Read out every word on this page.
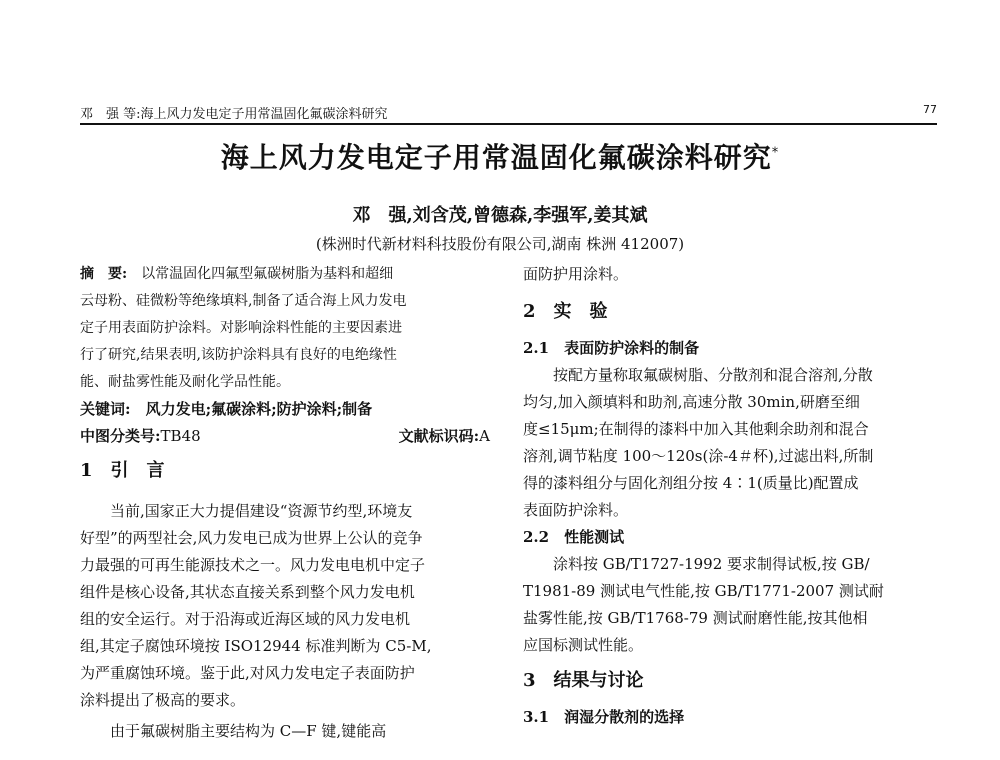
邓　强 等:海上风力发电定子用常温固化氟碳涂料研究	77
海上风力发电定子用常温固化氟碳涂料研究*
邓　强,刘含茂,曾德森,李强军,姜其斌
(株洲时代新材料科技股份有限公司,湖南 株洲 412007)
摘　要:　 以常温固化四氟型氟碳树脂为基料和超细
云母粉、硅微粉等绝缘填料,制备了适合海上风力发电
定子用表面防护涂料。对影响涂料性能的主要因素进
行了研究,结果表明,该防护涂料具有良好的电绝缘性
能、耐盐雾性能及耐化学品性能。
关键词:　 风力发电;氟碳涂料;防护涂料;制备
中图分类号:TB48	文献标识码:A
1　引　言
当前,国家正大力提倡建设“资源节约型,环境友
好型”的两型社会,风力发电已成为世界上公认的竞争
力最强的可再生能源技术之一。风力发电电机中定子
组件是核心设备,其状态直接关系到整个风力发电机
组的安全运行。对于沿海或近海区域的风力发电机
组,其定子腐蚀环境按 ISO12944 标准判断为 C5-M,
为严重腐蚀环境。鉴于此,对风力发电定子表面防护
涂料提出了极高的要求。
由于氟碳树脂主要结构为 C—F 键,键能高
面防护用涂料。
2　实　验
2.1　表面防护涂料的制备
按配方量称取氟碳树脂、分散剂和混合溶剂,分散
均匀,加入颜填料和助剂,高速分散 30min,研磨至细
度≤15μm;在制得的漆料中加入其他剩余助剂和混合
溶剂,调节粘度 100～120s(涂-4＃杯),过滤出料,所制
得的漆料组分与固化剂组分按 4∶1(质量比)配置成
表面防护涂料。
2.2　性能测试
涂料按 GB/T1727-1992 要求制得试板,按 GB/
T1981-89 测试电气性能,按 GB/T1771-2007 测试耐
盐雾性能,按 GB/T1768-79 测试耐磨性能,按其他相
应国标测试性能。
3　结果与讨论
3.1　润湿分散剂的选择
